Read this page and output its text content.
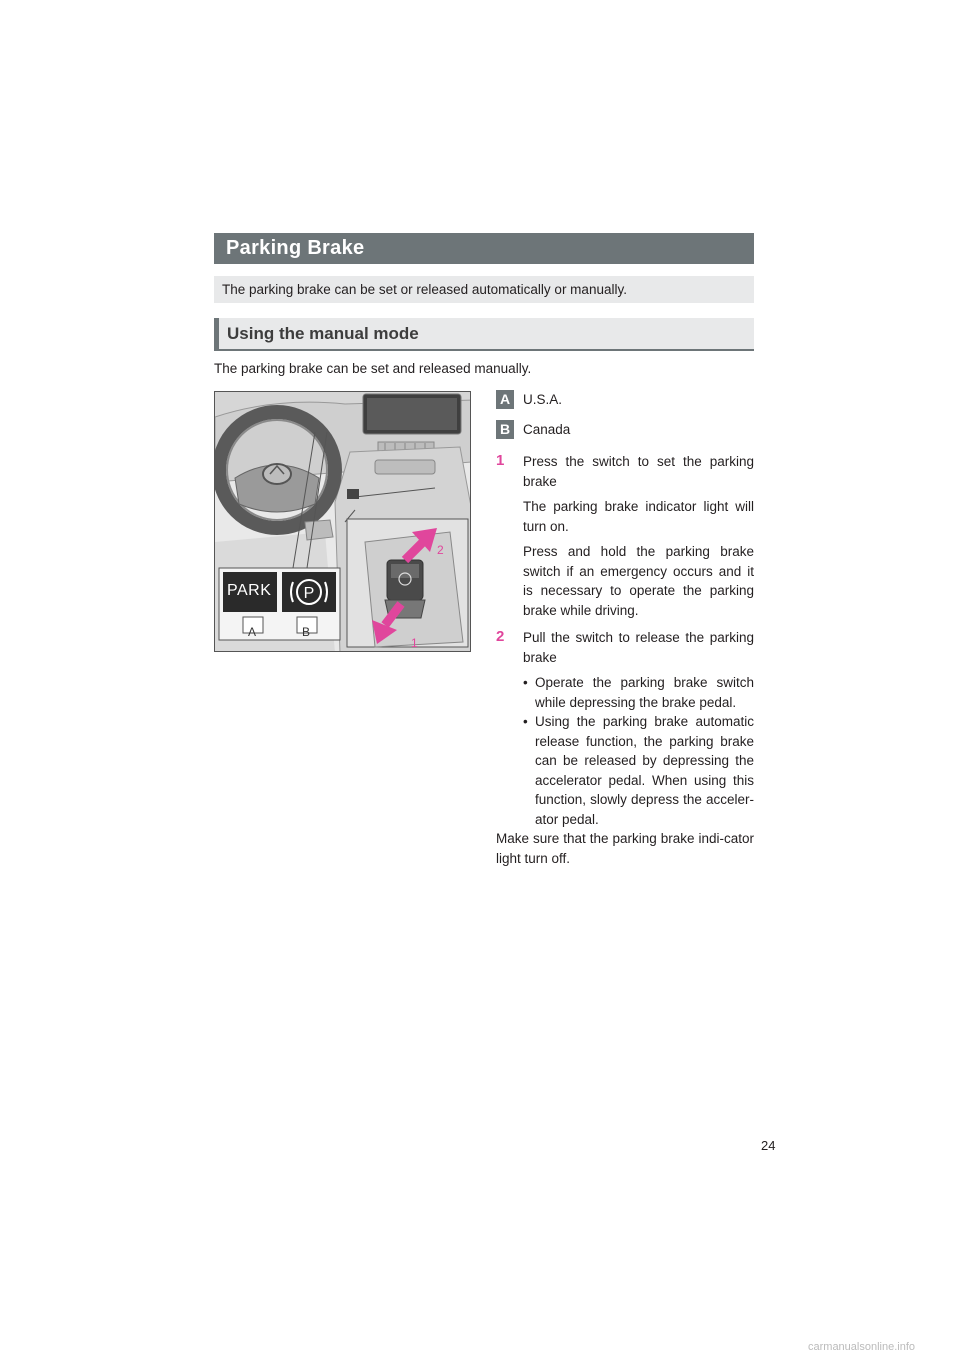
Parking Brake
The parking brake can be set or released automatically or manually.
Using the manual mode
The parking brake can be set and released manually.
P
PARK
A	B
2
1
A U.S.A.
B Canada
1 Press the switch to set the parking brake
The parking brake indicator light will turn on.
Press and hold the parking brake switch if an emergency occurs and it is necessary to operate the parking brake while driving.
2 Pull the switch to release the parking brake
• Operate the parking brake switch while depressing the brake pedal.
• Using the parking brake automatic release function, the parking brake can be released by depressing the accelerator pedal. When using this function, slowly depress the acceler-ator pedal.
Make sure that the parking brake indi-cator light turn off.
24
carmanualsonline.info
